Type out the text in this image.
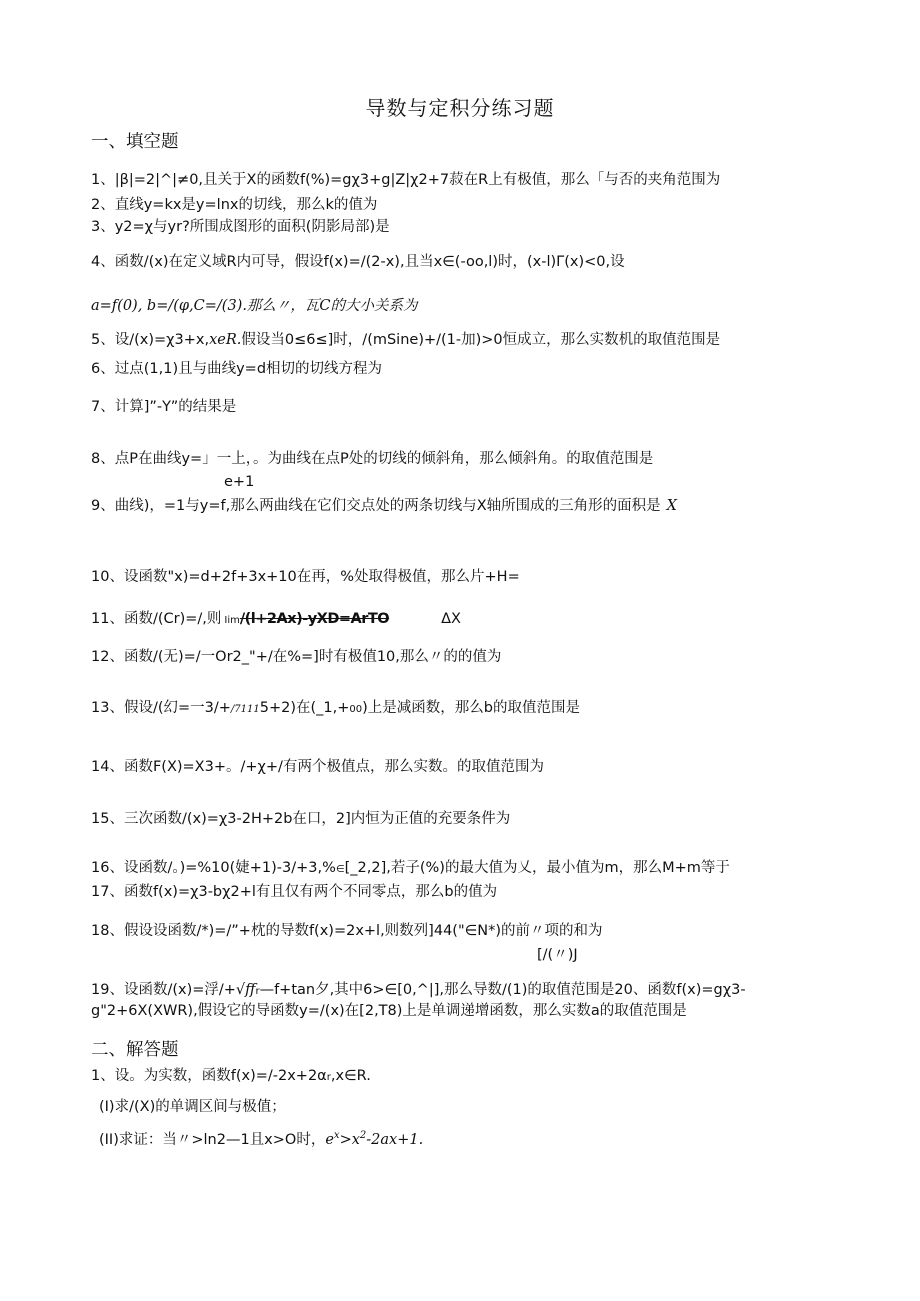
导数与定积分练习题
一、填空题
1、|β|=2|^|≠0,且关于X的函数f(%)=gχ3+g|Z|χ2+7菽在R上有极值，那么「与否的夹角范围为
2、直线y=kx是y=lnx的切线，那么k的值为
3、y2=χ与yr?所围成图形的面积(阴影局部)是
4、函数/(x)在定义域R内可导，假设f(x)=/(2-x),且当x∈(-oo,l)时，(x-l)Γ(x)<0,设
a=f(0), b=/(φ,C=/(3).那么〃，瓦C的大小关系为
5、设/(x)=χ3+x,xeR.假设当0≤6≤]时，/(mSine)+/(1-加)>0恒成立，那么实数机的取值范围是
6、过点(1,1)且与曲线y=d相切的切线方程为
7、计算]”-Y”的结果是
8、点P在曲线y=」一上，。为曲线在点P处的切线的倾斜角，那么倾斜角。的取值范围是
e+1
9、曲线)，=1与y=f,那么两曲线在它们交点处的两条切线与X轴所围成的三角形的面积是 X
10、设函数"x)=d+2f+3x+10在再，%处取得极值，那么片+H=
11、函数/(Cr)=/,则 Iim/(l+2Ax)-yXD=ArTO	ΔX
12、函数/(无)=/一Or2_"+/在%=]时有极值10,那么〃的的值为
13、假设/(幻=一3/+/71115+2)在(_1,+00)上是减函数，那么b的取值范围是
14、函数F(X)=X3+。/+χ+/有两个极值点，那么实数。的取值范围为
15、三次函数/(x)=χ3-2H+2b在口，2]内恒为正值的充要条件为
16、设函数/。)=%10(婕+1)-3/+3,%∈[_2,2],若子(%)的最大值为乂，最小值为m，那么M+m等于
17、函数f(x)=χ3-bχ2+l有且仅有两个不同零点，那么b的值为
18、假设设函数/*)=/”+枕的导数f(x)=2x+l,则数列]44("∈N*)的前〃项的和为
[/(〃)J
19、设函数/(x)=浮/+√ffr—f+tan夕,其中6>∈[0,^|],那么导数/(1)的取值范围是20、函数f(x)=gχ3-
g"2+6X(XWR),假设它的导函数y=/(x)在[2,T8)上是单调递增函数，那么实数a的取值范围是
二、解答题
1、设。为实数，函数f(x)=/-2x+2αr,x∈R.
(I)求/(X)的单调区间与极值；
(II)求证：当〃>ln2—1且x>O时，$e^x>x^2-2ax+1$.
